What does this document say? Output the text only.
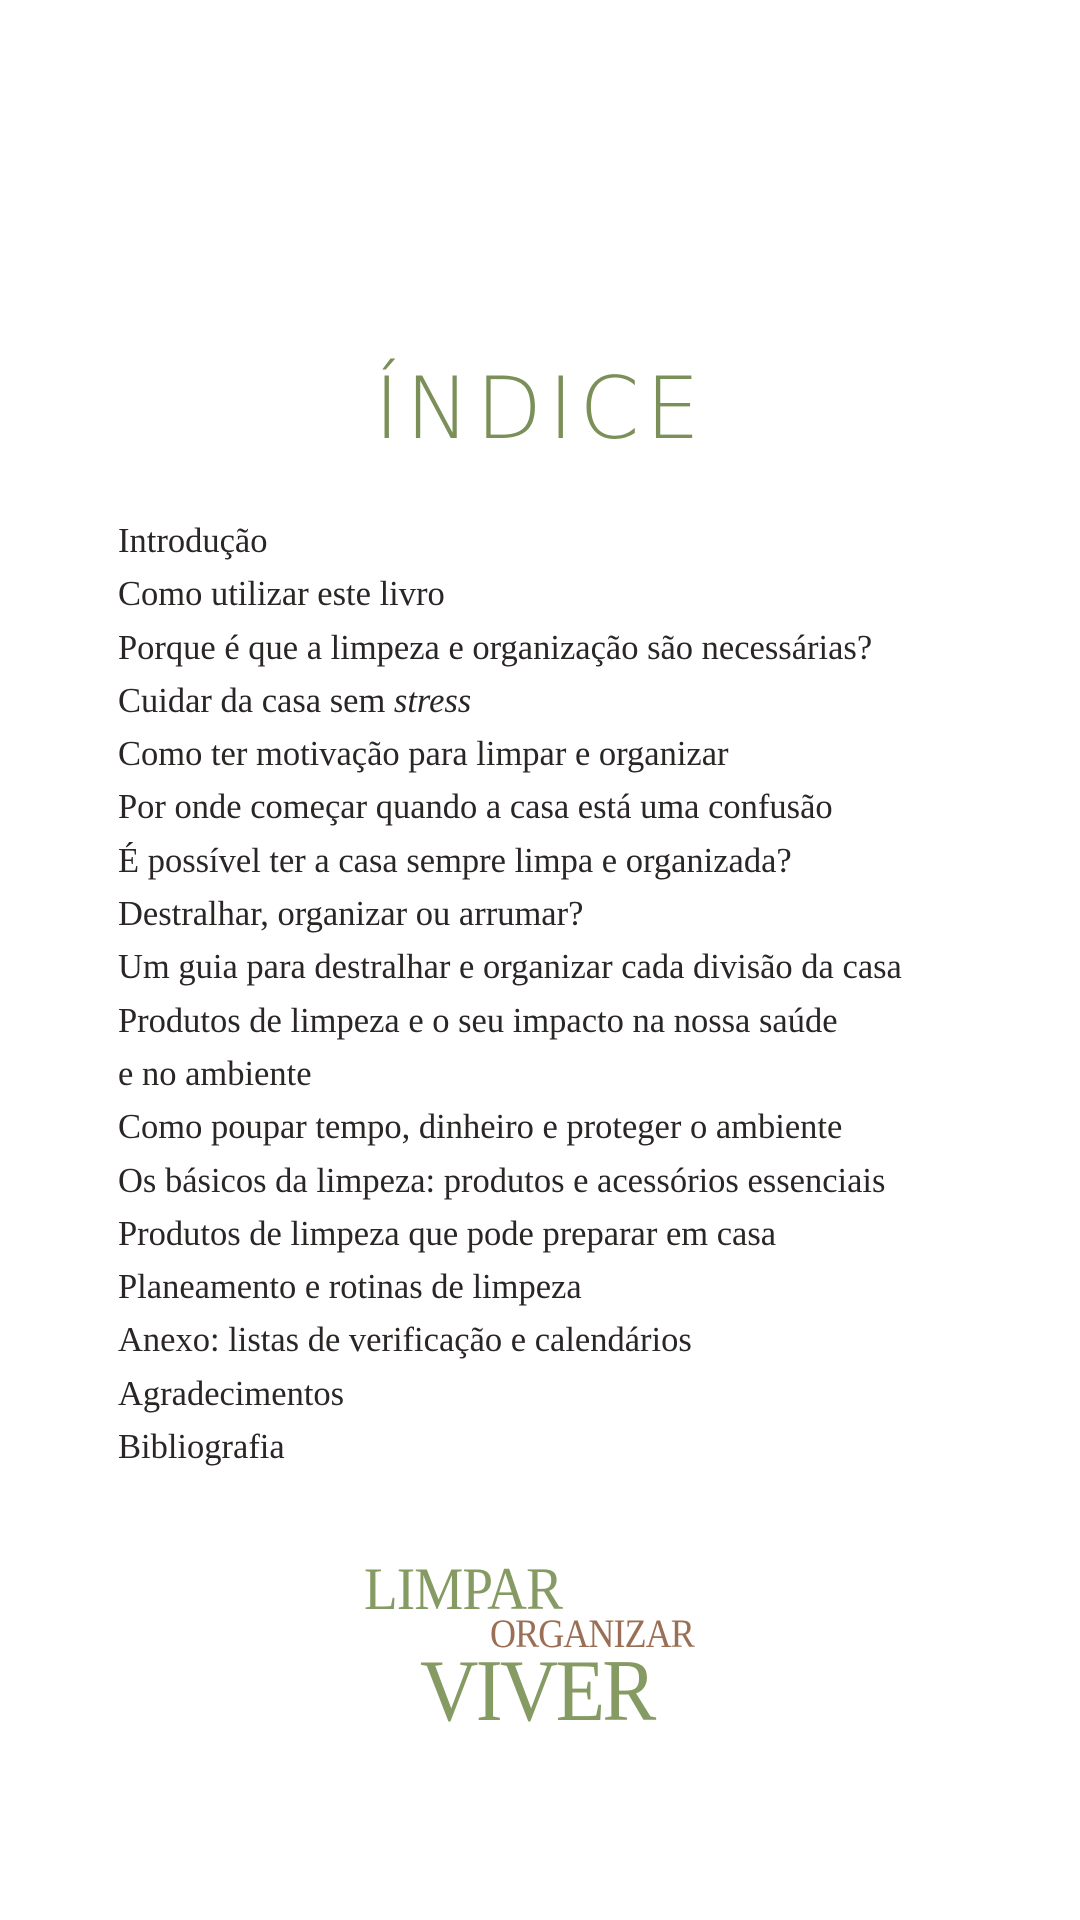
ÍNDICE
Introdução
Como utilizar este livro
Porque é que a limpeza e organização são necessárias?
Cuidar da casa sem stress
Como ter motivação para limpar e organizar
Por onde começar quando a casa está uma confusão
É possível ter a casa sempre limpa e organizada?
Destralhar, organizar ou arrumar?
Um guia para destralhar e organizar cada divisão da casa
Produtos de limpeza e o seu impacto na nossa saúde
e no ambiente
Como poupar tempo, dinheiro e proteger o ambiente
Os básicos da limpeza: produtos e acessórios essenciais
Produtos de limpeza que pode preparar em casa
Planeamento e rotinas de limpeza
Anexo: listas de verificação e calendários
Agradecimentos
Bibliografia
LIMPAR
ORGANIZAR
VIVER
